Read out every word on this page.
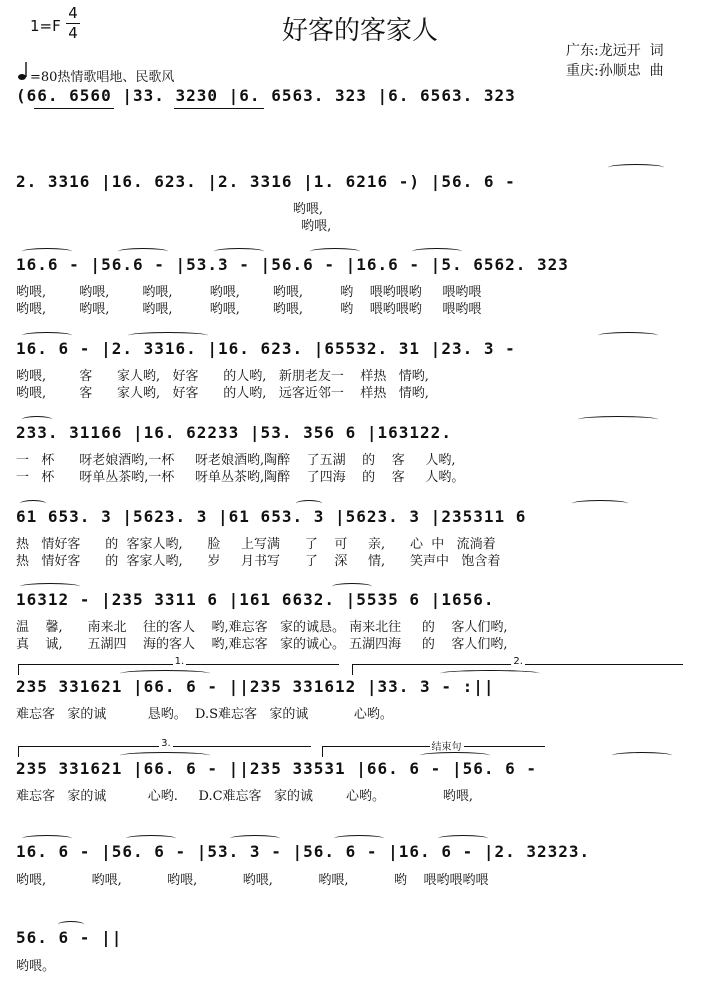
1=F
4
4	好客的客家人
广东:龙远开  词
重庆:孙顺忠  曲
=80热情歌唱地、民歌风
(66. 6560 |33. 3230 |6. 6563. 323 |6. 6563. 323
2. 3316 |16. 623. |2. 3316 |1. 6216 -) |56. 6 -
哟喂,
哟喂,
16.6 - |56.6 - |53.3 - |56.6 - |16.6 - |5. 6562. 323
哟喂,        哟喂,        哟喂,         哟喂,        哟喂,         哟    喂哟喂哟     喂哟喂
哟喂,        哟喂,        哟喂,         哟喂,        哟喂,         哟    喂哟喂哟     喂哟喂
16. 6 - |2. 3316. |16. 623. |65532. 31 |23. 3 -
哟喂,        客      家人哟,   好客      的人哟,   新朋老友一    样热   情哟,
哟喂,        客      家人哟,   好客      的人哟,   远客近邻一    样热   情哟,
233. 31166 |16. 62233 |53. 356 6 |163122.
一   杯      呀老娘酒哟,一杯     呀老娘酒哟,陶醉    了五湖    的    客     人哟,
一   杯      呀单丛茶哟,一杯     呀单丛茶哟,陶醉    了四海    的    客     人哟。
61 653. 3 |5623. 3 |61 653. 3 |5623. 3 |235311 6
热   情好客      的  客家人哟,      脸     上写满      了    可     亲,      心  中   流淌着
热   情好客      的  客家人哟,      岁     月书写      了    深     情,      笑声中   饱含着
16312 - |235 3311 6 |161 6632. |5535 6 |1656.
温    馨,      南来北    往的客人    哟,难忘客   家的诚恳。 南来北往     的    客人们哟,
真    诚,      五湖四    海的客人    哟,难忘客   家的诚心。 五湖四海     的    客人们哟,
1.	2.
235 331621 |66. 6 - ||235 331612 |33. 3 - :||
难忘客   家的诚          恳哟。  D.S难忘客   家的诚           心哟。
3.	结束句
235 331621 |66. 6 - ||235 33531 |66. 6 - |56. 6 -
难忘客   家的诚          心哟.     D.C难忘客   家的诚        心哟。              哟喂,
16. 6 - |56. 6 - |53. 3 - |56. 6 - |16. 6 - |2. 32323.
哟喂,           哟喂,           哟喂,           哟喂,           哟喂,           哟    喂哟喂哟喂
56. 6 - ||
哟喂。
